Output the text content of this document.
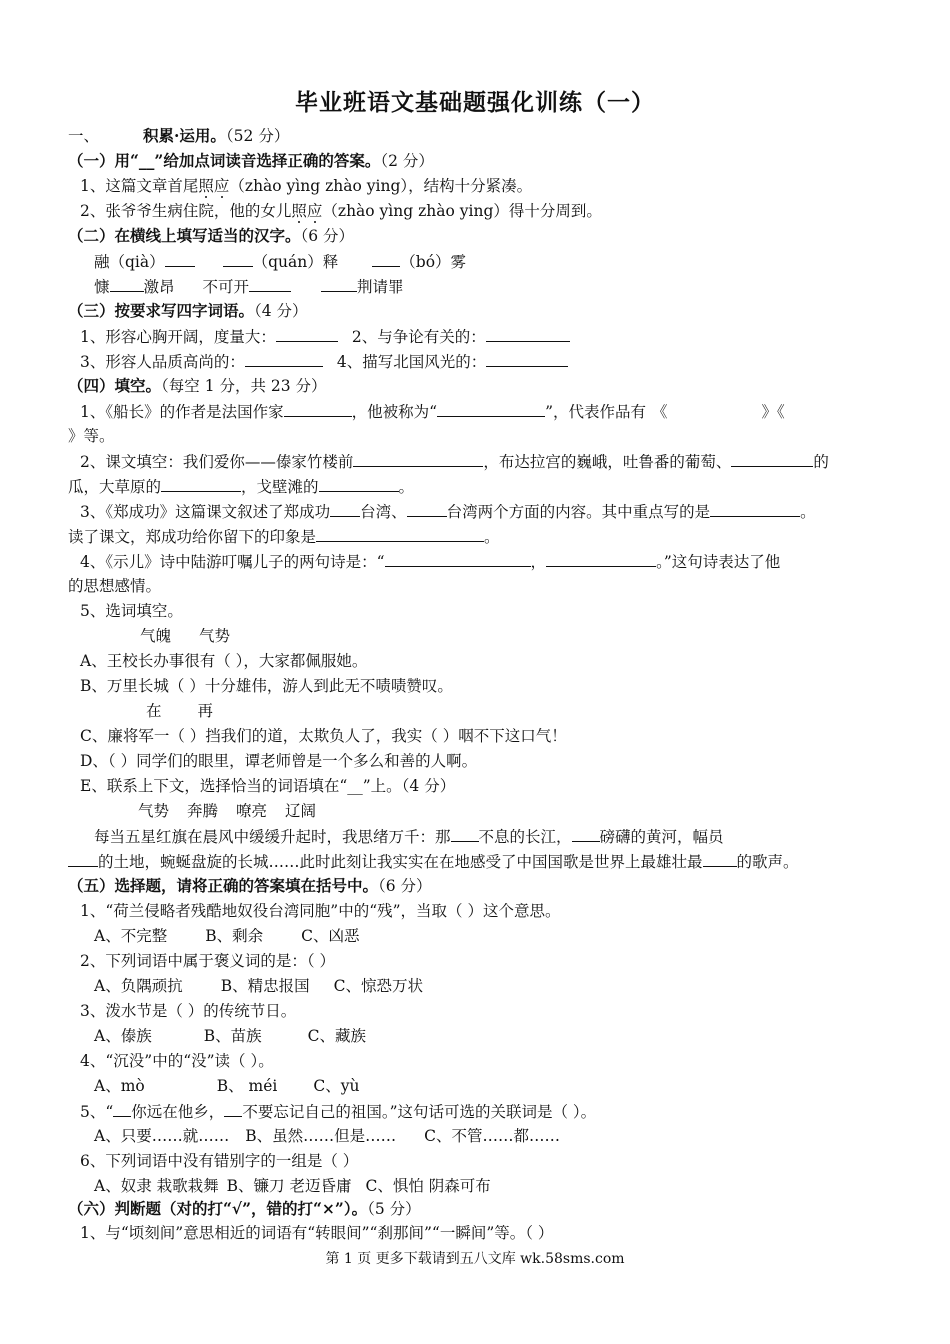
毕业班语文基础题强化训练（一）
一、	积累·运用。（52 分）
（一）用“__”给加点词读音选择正确的答案。（2 分）
1、这篇文章首尾照应（zhào yìng zhào ying），结构十分紧凑。
2、张爷爷生病住院，他的女儿照应（zhào yìng zhào ying）得十分周到。
（二）在横线上填写适当的汉字。（6 分）
融（qià）	（quán）释	（bó）雾
慷 激昂 不可开	荆请罪
（三）按要求写四字词语。（4 分）
1、形容心胸开阔，度量大：	2、与争论有关的：
3、形容人品质高尚的：	4、描写北国风光的：
（四）填空。（每空 1 分，共 23 分）
1、《船长》的作者是法国作家	，他被称为“	”，代表作品有 《	》《
》等。
2、课文填空：我们爱你——傣家竹楼前	，布达拉宫的巍峨，吐鲁番的葡萄、	的
瓜，大草原的	，戈壁滩的	。
3、《郑成功》这篇课文叙述了郑成功 台湾、	台湾两个方面的内容。其中重点写的是	。
读了课文，郑成功给你留下的印象是	。
4、《示儿》诗中陆游叮嘱儿子的两句诗是：“	，	。”这句诗表达了他
的思想感情。
5、选词填空。
气魄 气势
A、王校长办事很有（ ），大家都佩服她。
B、万里长城（ ）十分雄伟，游人到此无不啧啧赞叹。
在 再
C、廉将军一（ ）挡我们的道，太欺负人了，我实（ ）咽不下这口气！
D、（ ）同学们的眼里，谭老师曾是一个多么和善的人啊。
E、联系上下文，选择恰当的词语填在“__”上。（4 分）
气势 奔腾 嘹亮 辽阔
每当五星红旗在晨风中缓缓升起时，我思绪万千：那 不息的长江， 磅礴的黄河，幅员
的土地，蜿蜒盘旋的长城……此时此刻让我实实在在地感受了中国国歌是世界上最雄壮最 的歌声。
（五）选择题，请将正确的答案填在括号中。（6 分）
1、“荷兰侵略者残酷地奴役台湾同胞”中的“残”，当取（ ）这个意思。
A、不完整 B、剩余 C、凶恶
2、下列词语中属于褒义词的是：（ ）
A、负隅顽抗 B、精忠报国 C、惊恐万状
3、泼水节是（ ）的传统节日。
A、傣族	B、苗族	C、藏族
4、“沉没”中的“没”读（ ）。
A、mò	B、 méi C、yù
5、“ 你远在他乡， 不要忘记自己的祖国。”这句话可选的关联词是（ ）。
A、只要……就…… B、虽然……但是…… C、不管……都……
6、下列词语中没有错别字的一组是（ ）
A、奴隶 栽歌栽舞 B、镰刀 老迈昏庸 C、惧怕 阴森可布
（六）判断题（对的打“√”，错的打“×”）。（5 分）
1、与“顷刻间”意思相近的词语有“转眼间”“刹那间”“一瞬间”等。（ ）
第 1 页 更多下载请到五八文库 wk.58sms.com
